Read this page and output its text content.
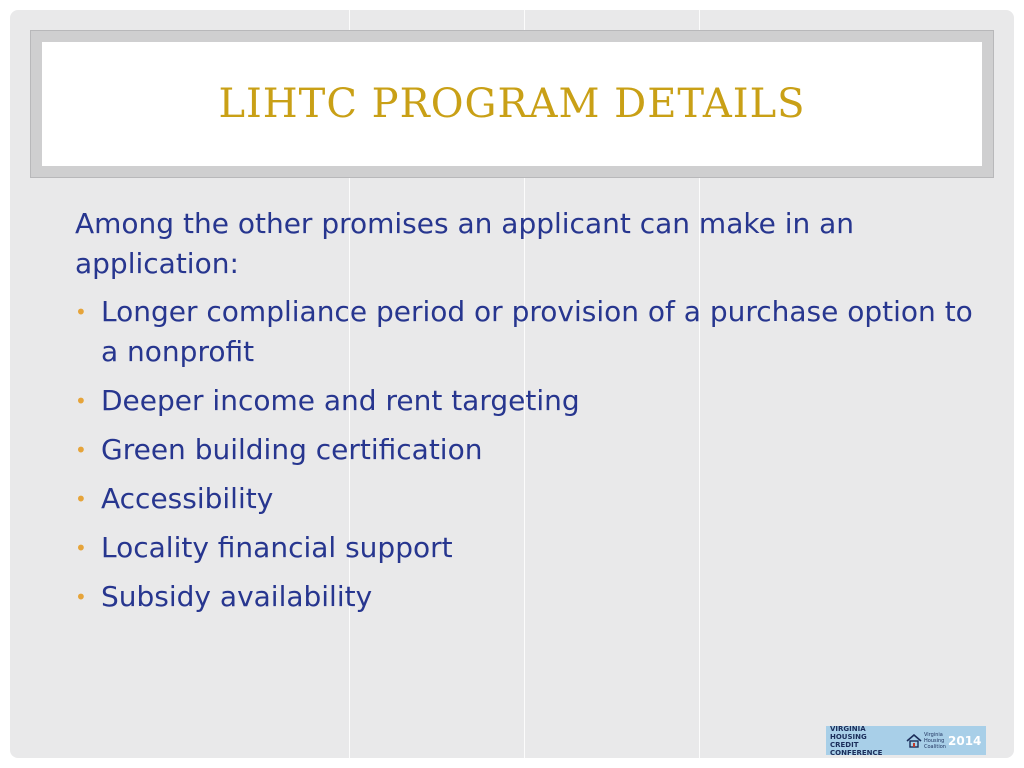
LIHTC PROGRAM DETAILS

Among the other promises an applicant can make in an application:

• Longer compliance period or provision of a purchase option to a nonprofit
• Deeper income and rent targeting
• Green building certification
• Accessibility
• Locality financial support
• Subsidy availability
VIRGINIA HOUSING
CREDIT CONFERENCE
Virginia Housing Coalition 2014
